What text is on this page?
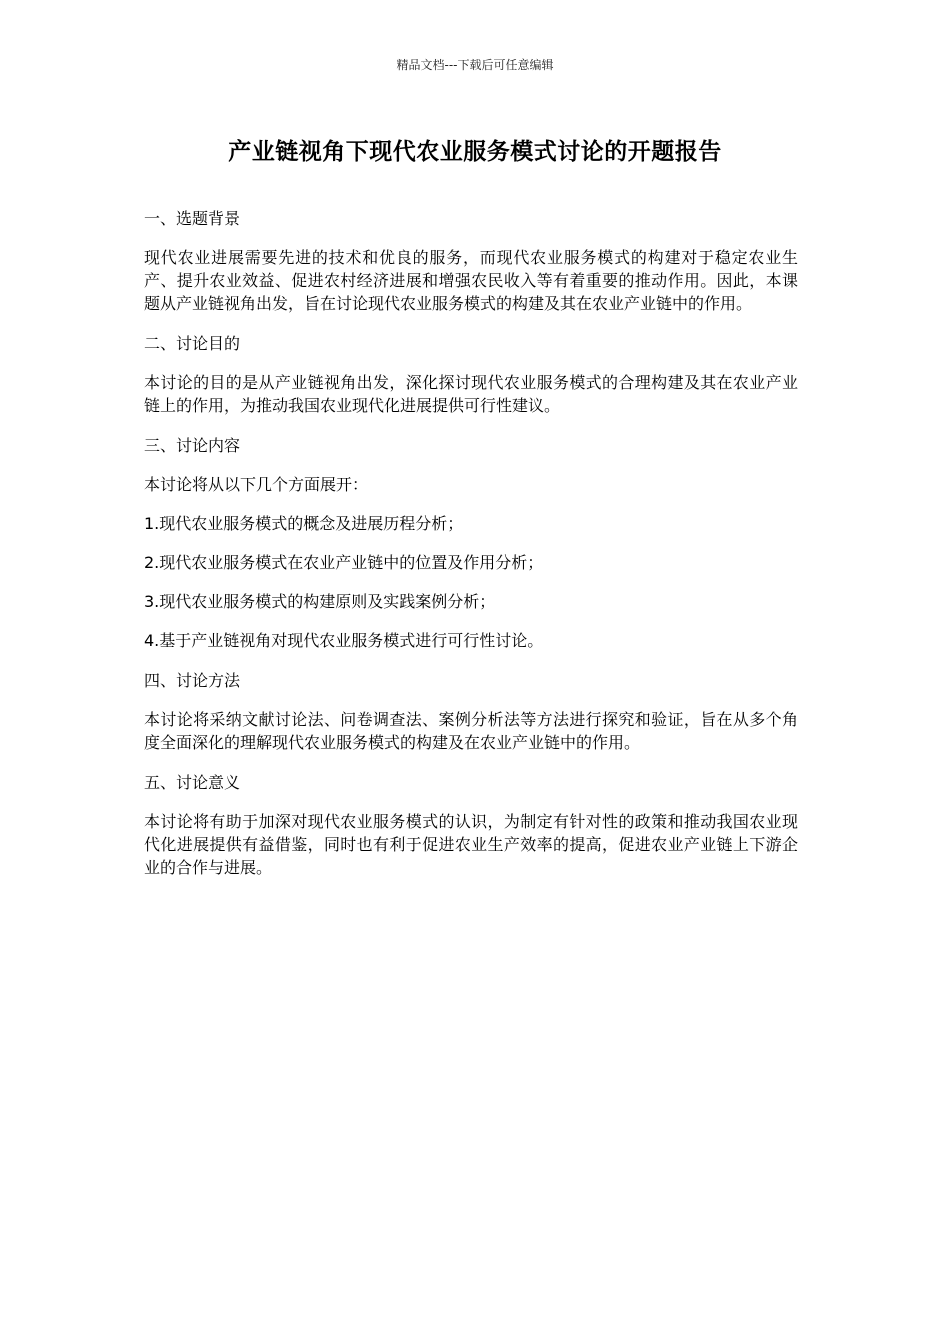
精品文档---下载后可任意编辑
产业链视角下现代农业服务模式讨论的开题报告
一、选题背景
现代农业进展需要先进的技术和优良的服务，而现代农业服务模式的构建对于稳定农业生产、提升农业效益、促进农村经济进展和增强农民收入等有着重要的推动作用。因此，本课题从产业链视角出发，旨在讨论现代农业服务模式的构建及其在农业产业链中的作用。
二、讨论目的
本讨论的目的是从产业链视角出发，深化探讨现代农业服务模式的合理构建及其在农业产业链上的作用，为推动我国农业现代化进展提供可行性建议。
三、讨论内容
本讨论将从以下几个方面展开：
1.现代农业服务模式的概念及进展历程分析；
2.现代农业服务模式在农业产业链中的位置及作用分析；
3.现代农业服务模式的构建原则及实践案例分析；
4.基于产业链视角对现代农业服务模式进行可行性讨论。
四、讨论方法
本讨论将采纳文献讨论法、问卷调查法、案例分析法等方法进行探究和验证，旨在从多个角度全面深化的理解现代农业服务模式的构建及在农业产业链中的作用。
五、讨论意义
本讨论将有助于加深对现代农业服务模式的认识，为制定有针对性的政策和推动我国农业现代化进展提供有益借鉴，同时也有利于促进农业生产效率的提高，促进农业产业链上下游企业的合作与进展。
